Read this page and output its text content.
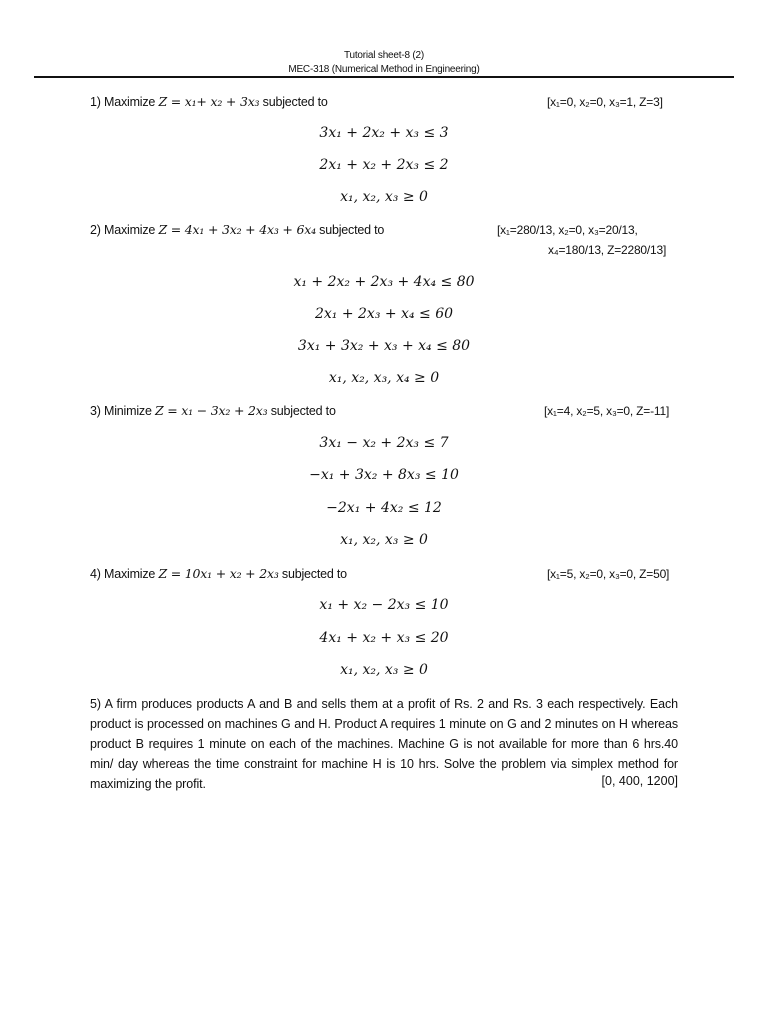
Tutorial sheet-8 (2)
MEC-318 (Numerical Method in Engineering)
1) Maximize Z = x₁+ x₂ + 3x₃ subjected to	[x₁=0, x₂=0, x₃=1, Z=3]
3x₁ + 2x₂ + x₃ ≤ 3
2x₁ + x₂ + 2x₃ ≤ 2
x₁, x₂, x₃ ≥ 0
2) Maximize Z = 4x₁ + 3x₂ + 4x₃ + 6x₄ subjected to	[x₁=280/13, x₂=0, x₃=20/13,
x₄=180/13, Z=2280/13]
x₁ + 2x₂ + 2x₃ + 4x₄ ≤ 80
2x₁ + 2x₃ + x₄ ≤ 60
3x₁ + 3x₂ + x₃ + x₄ ≤ 80
x₁, x₂, x₃, x₄ ≥ 0
3) Minimize Z = x₁ − 3x₂ + 2x₃ subjected to	[x₁=4, x₂=5, x₃=0, Z=-11]
3x₁ − x₂ + 2x₃ ≤ 7
−x₁ + 3x₂ + 8x₃ ≤ 10
−2x₁ + 4x₂ ≤ 12
x₁, x₂, x₃ ≥ 0
4) Maximize Z = 10x₁ + x₂ + 2x₃ subjected to	[x₁=5, x₂=0, x₃=0, Z=50]
x₁ + x₂ − 2x₃ ≤ 10
4x₁ + x₂ + x₃ ≤ 20
x₁, x₂, x₃ ≥ 0
5) A firm produces products A and B and sells them at a profit of Rs. 2 and Rs. 3 each respectively. Each product is processed on machines G and H. Product A requires 1 minute on G and 2 minutes on H whereas product B requires 1 minute on each of the machines. Machine G is not available for more than 6 hrs.40 min/ day whereas the time constraint for machine H is 10 hrs. Solve the problem via simplex method for maximizing the profit.	[0, 400, 1200]
